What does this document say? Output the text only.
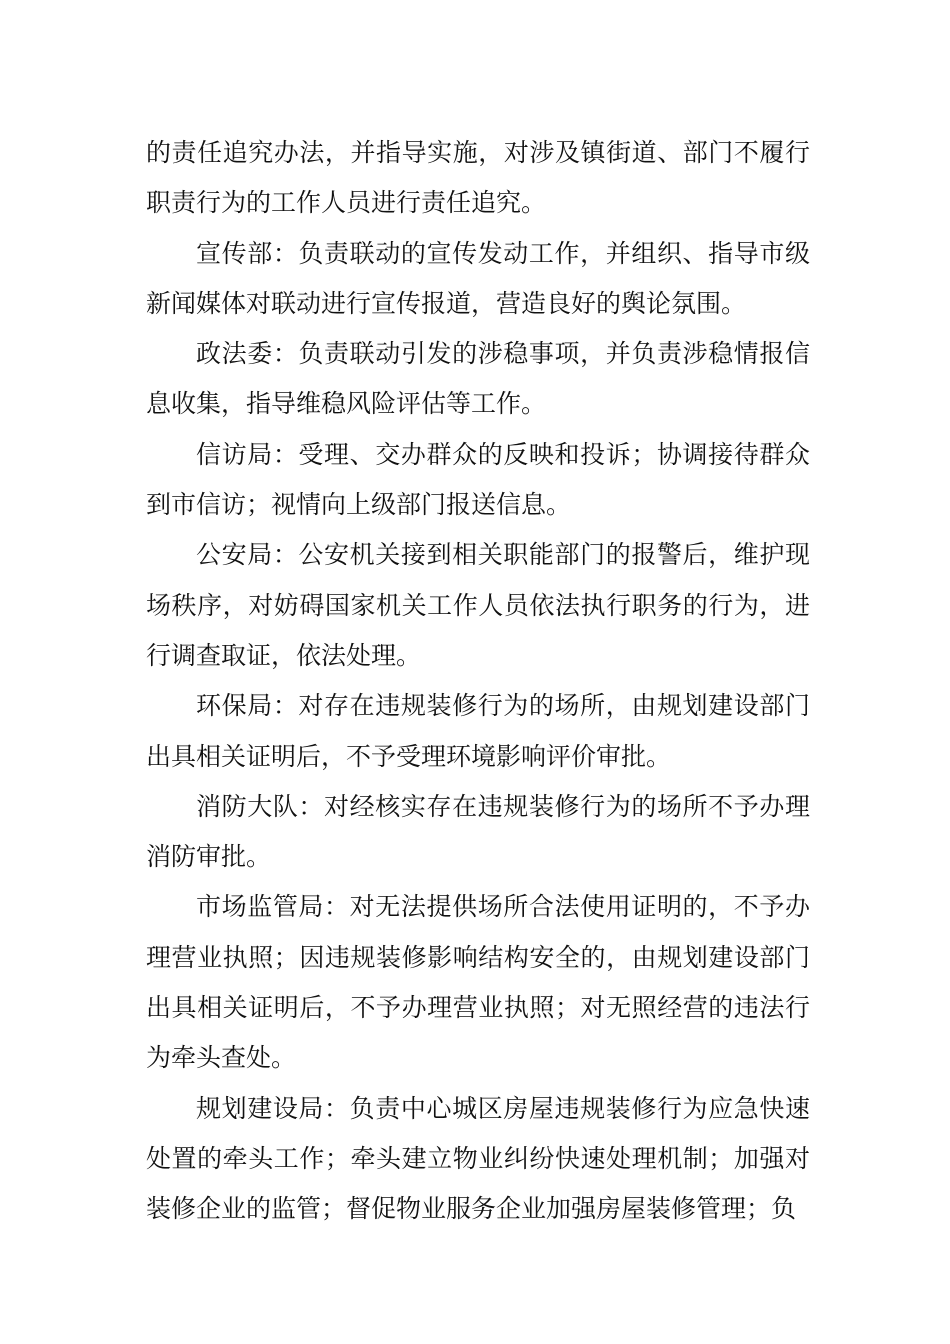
的责任追究办法，并指导实施，对涉及镇街道、部门不履行职责行为的工作人员进行责任追究。

宣传部：负责联动的宣传发动工作，并组织、指导市级新闻媒体对联动进行宣传报道，营造良好的舆论氛围。

政法委：负责联动引发的涉稳事项，并负责涉稳情报信息收集，指导维稳风险评估等工作。

信访局：受理、交办群众的反映和投诉；协调接待群众到市信访；视情向上级部门报送信息。

公安局：公安机关接到相关职能部门的报警后，维护现场秩序，对妨碍国家机关工作人员依法执行职务的行为，进行调查取证，依法处理。

环保局：对存在违规装修行为的场所，由规划建设部门出具相关证明后，不予受理环境影响评价审批。

消防大队：对经核实存在违规装修行为的场所不予办理消防审批。

市场监管局：对无法提供场所合法使用证明的，不予办理营业执照；因违规装修影响结构安全的，由规划建设部门出具相关证明后，不予办理营业执照；对无照经营的违法行为牵头查处。

规划建设局：负责中心城区房屋违规装修行为应急快速处置的牵头工作；牵头建立物业纠纷快速处理机制；加强对装修企业的监管；督促物业服务企业加强房屋装修管理；负
